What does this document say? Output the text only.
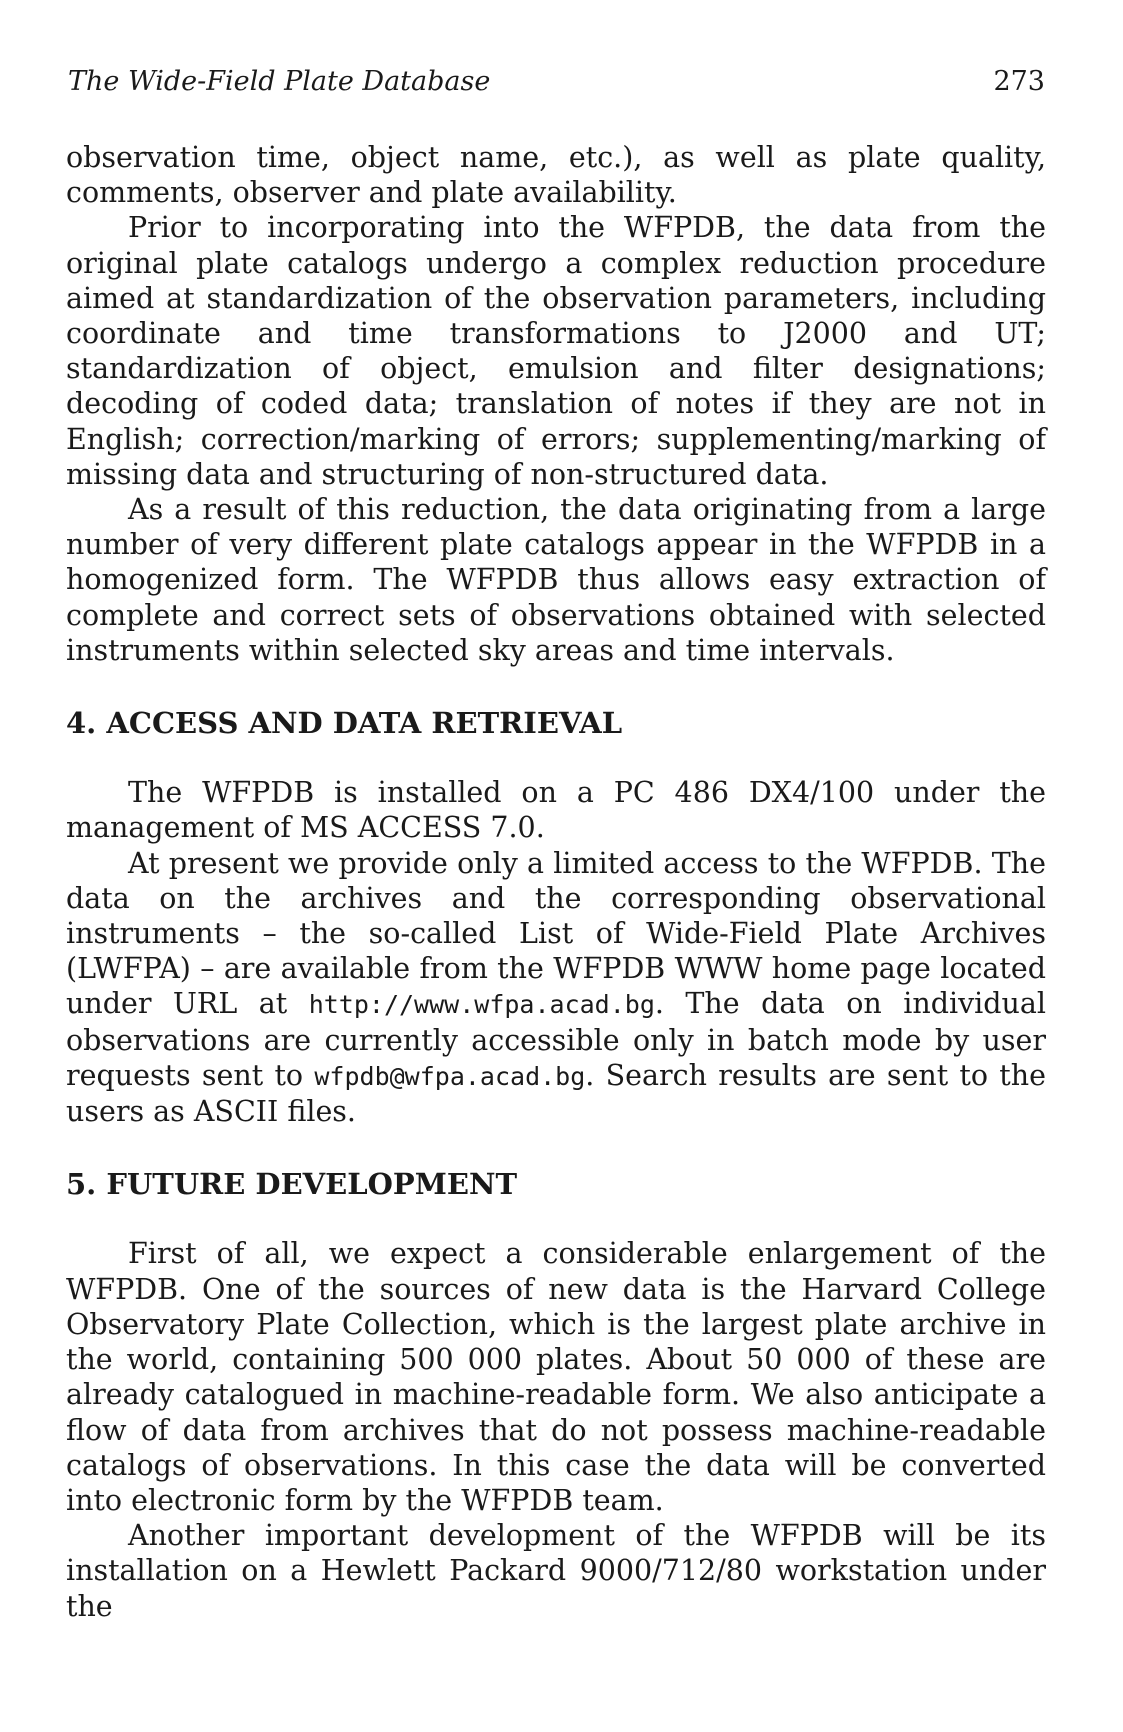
The Wide-Field Plate Database	273

observation time, object name, etc.), as well as plate quality, comments, observer and plate availability.

Prior to incorporating into the WFPDB, the data from the original plate catalogs undergo a complex reduction procedure aimed at standardization of the observation parameters, including coordinate and time transformations to J2000 and UT; standardization of object, emulsion and filter designations; decoding of coded data; translation of notes if they are not in English; correction/marking of errors; supplementing/marking of missing data and structuring of non-structured data.

As a result of this reduction, the data originating from a large number of very different plate catalogs appear in the WFPDB in a homogenized form. The WFPDB thus allows easy extraction of complete and correct sets of observations obtained with selected instruments within selected sky areas and time intervals.

4. ACCESS AND DATA RETRIEVAL

The WFPDB is installed on a PC 486 DX4/100 under the management of MS ACCESS 7.0.

At present we provide only a limited access to the WFPDB. The data on the archives and the corresponding observational instruments – the so-called List of Wide-Field Plate Archives (LWFPA) – are available from the WFPDB WWW home page located under URL at http://www.wfpa.acad.bg. The data on individual observations are currently accessible only in batch mode by user requests sent to wfpdb@wfpa.acad.bg. Search results are sent to the users as ASCII files.

5. FUTURE DEVELOPMENT

First of all, we expect a considerable enlargement of the WFPDB. One of the sources of new data is the Harvard College Observatory Plate Collection, which is the largest plate archive in the world, containing 500 000 plates. About 50 000 of these are already catalogued in machine-readable form. We also anticipate a flow of data from archives that do not possess machine-readable catalogs of observations. In this case the data will be converted into electronic form by the WFPDB team.

Another important development of the WFPDB will be its installation on a Hewlett Packard 9000/712/80 workstation under the
